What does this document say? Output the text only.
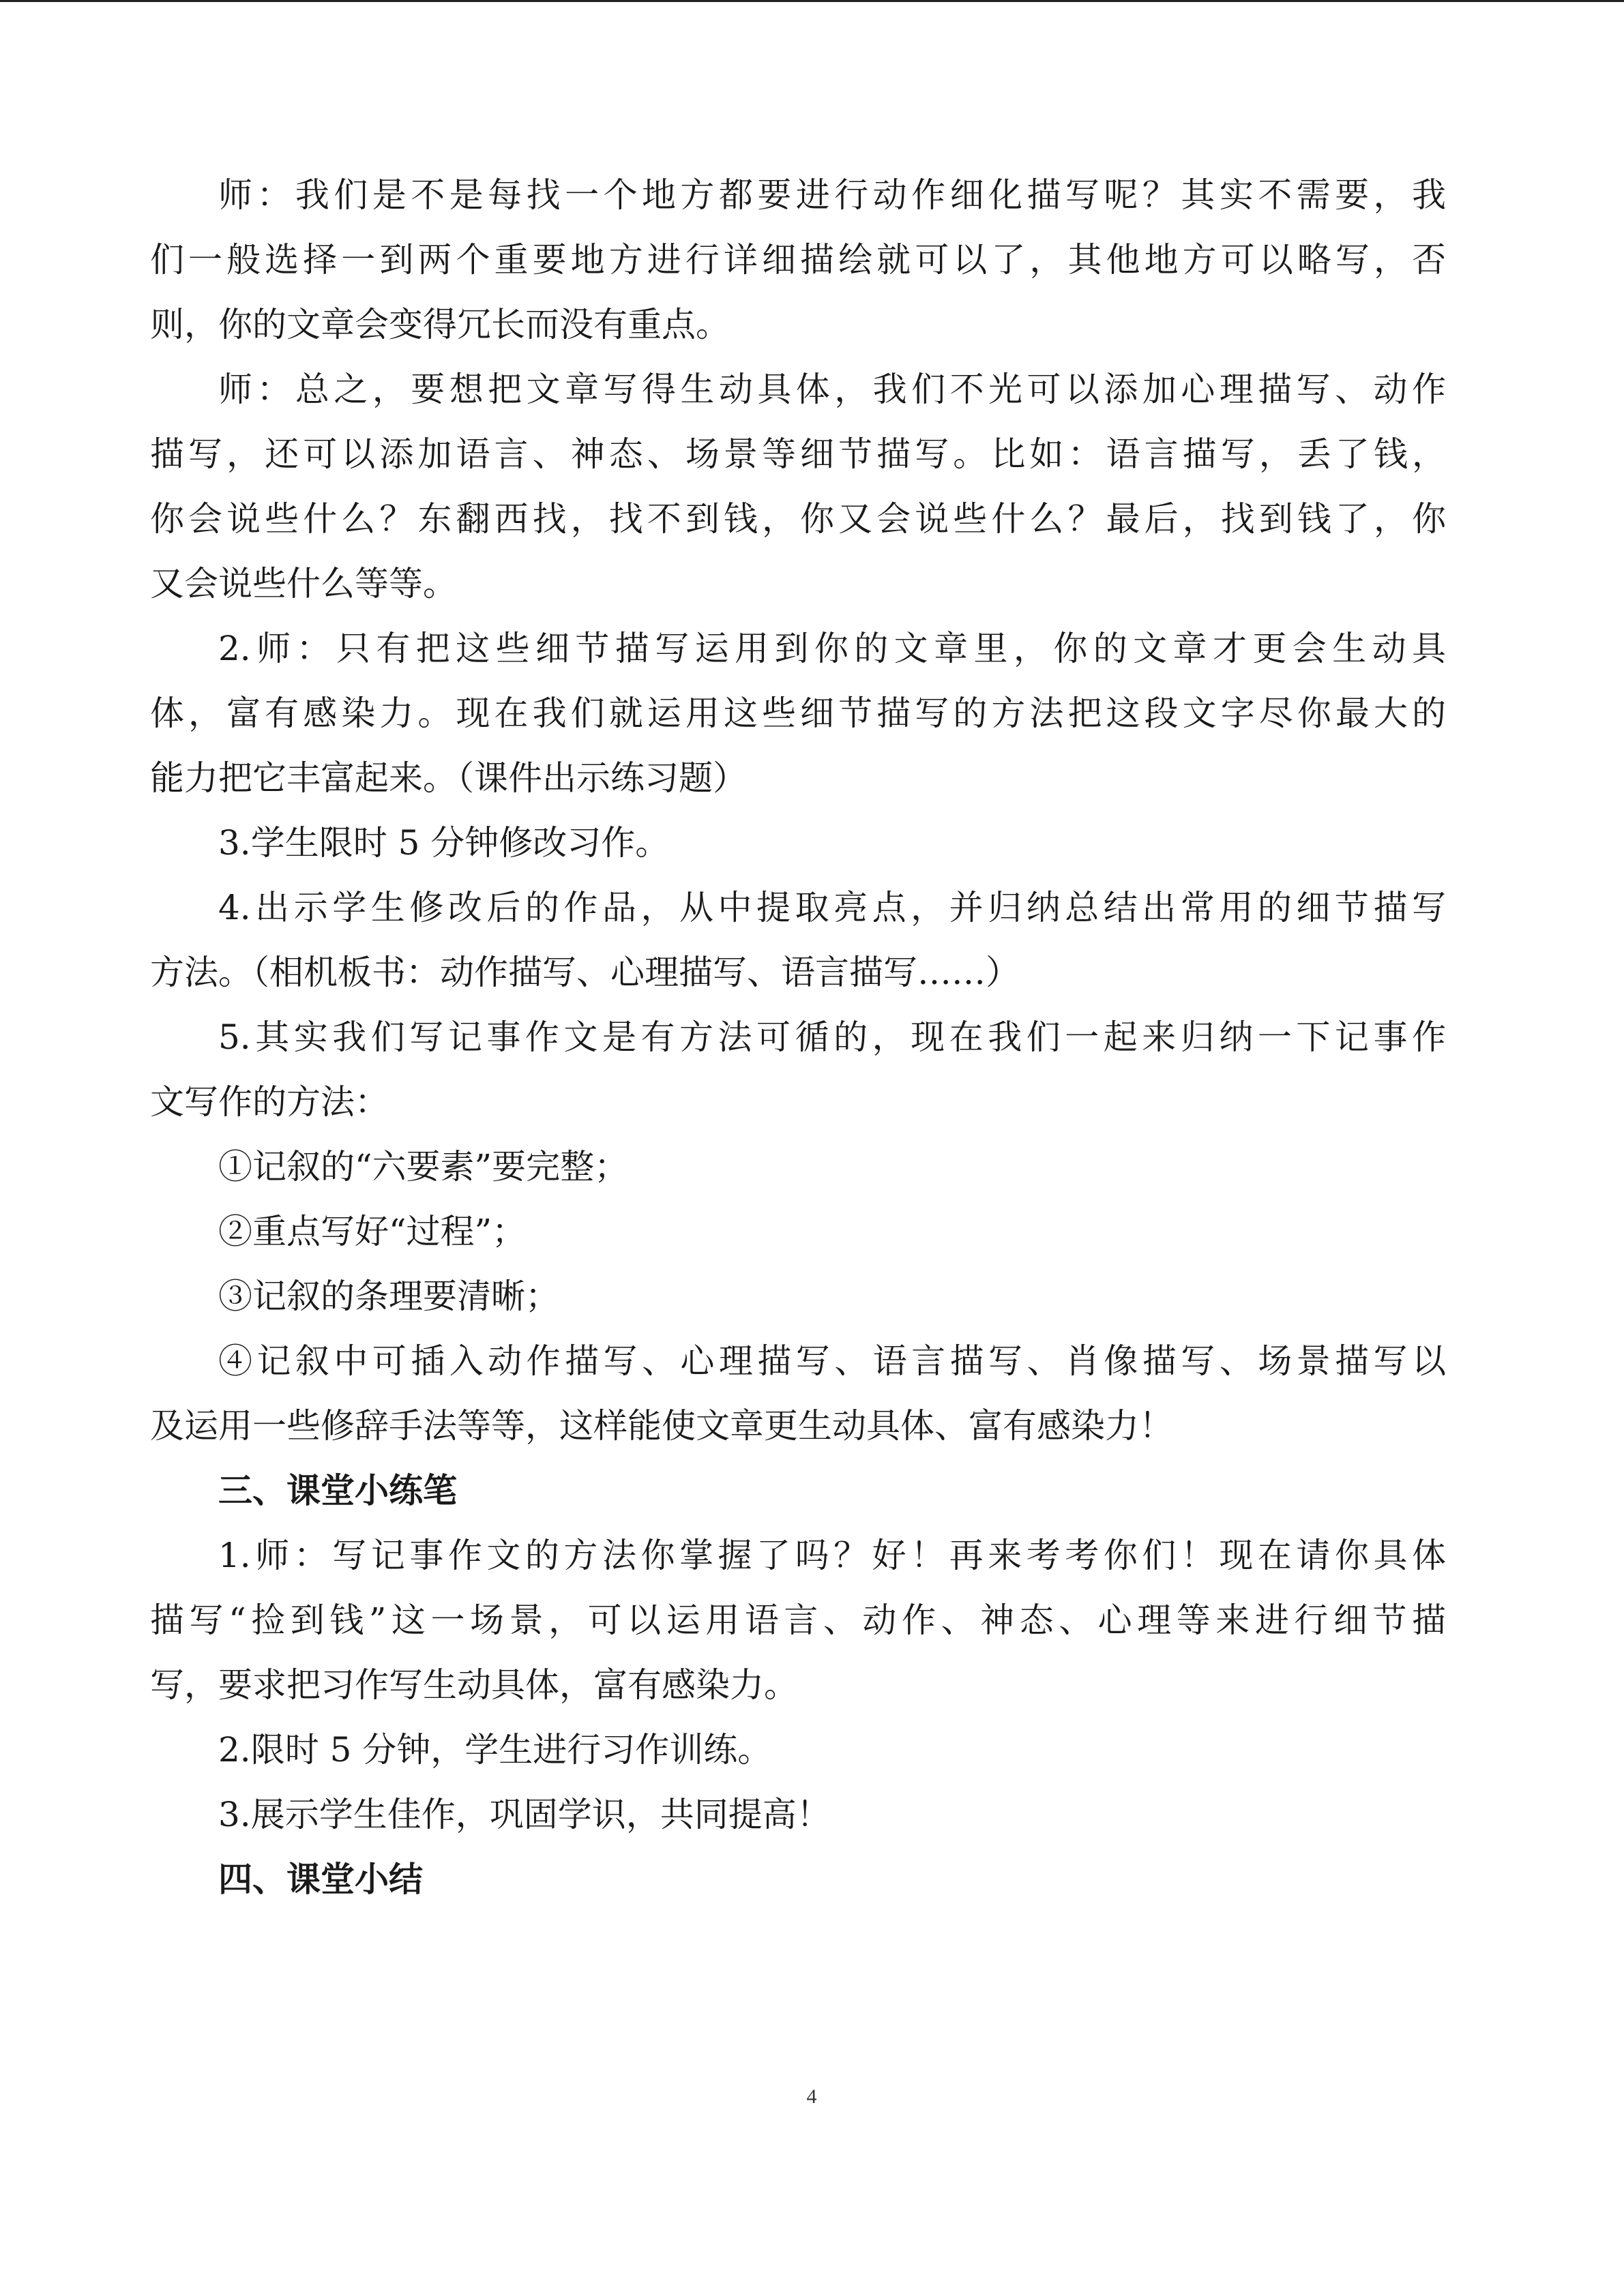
师：我们是不是每找一个地方都要进行动作细化描写呢？其实不需要，我
们一般选择一到两个重要地方进行详细描绘就可以了，其他地方可以略写，否
则，你的文章会变得冗长而没有重点。
师：总之，要想把文章写得生动具体，我们不光可以添加心理描写、动作
描写，还可以添加语言、神态、场景等细节描写。比如：语言描写，丢了钱，
你会说些什么？东翻西找，找不到钱，你又会说些什么？最后，找到钱了，你
又会说些什么等等。
2.师：只有把这些细节描写运用到你的文章里，你的文章才更会生动具
体，富有感染力。现在我们就运用这些细节描写的方法把这段文字尽你最大的
能力把它丰富起来。（课件出示练习题）
3.学生限时 5 分钟修改习作。
4.出示学生修改后的作品，从中提取亮点，并归纳总结出常用的细节描写
方法。（相机板书：动作描写、心理描写、语言描写……）
5.其实我们写记事作文是有方法可循的，现在我们一起来归纳一下记事作
文写作的方法：
①记叙的“六要素”要完整；
②重点写好“过程”；
③记叙的条理要清晰；
④记叙中可插入动作描写、心理描写、语言描写、肖像描写、场景描写以
及运用一些修辞手法等等，这样能使文章更生动具体、富有感染力！
三、课堂小练笔
1.师：写记事作文的方法你掌握了吗？好！再来考考你们！现在请你具体
描写“捡到钱”这一场景，可以运用语言、动作、神态、心理等来进行细节描
写，要求把习作写生动具体，富有感染力。
2.限时 5 分钟，学生进行习作训练。
3.展示学生佳作，巩固学识，共同提高！
四、课堂小结
4
